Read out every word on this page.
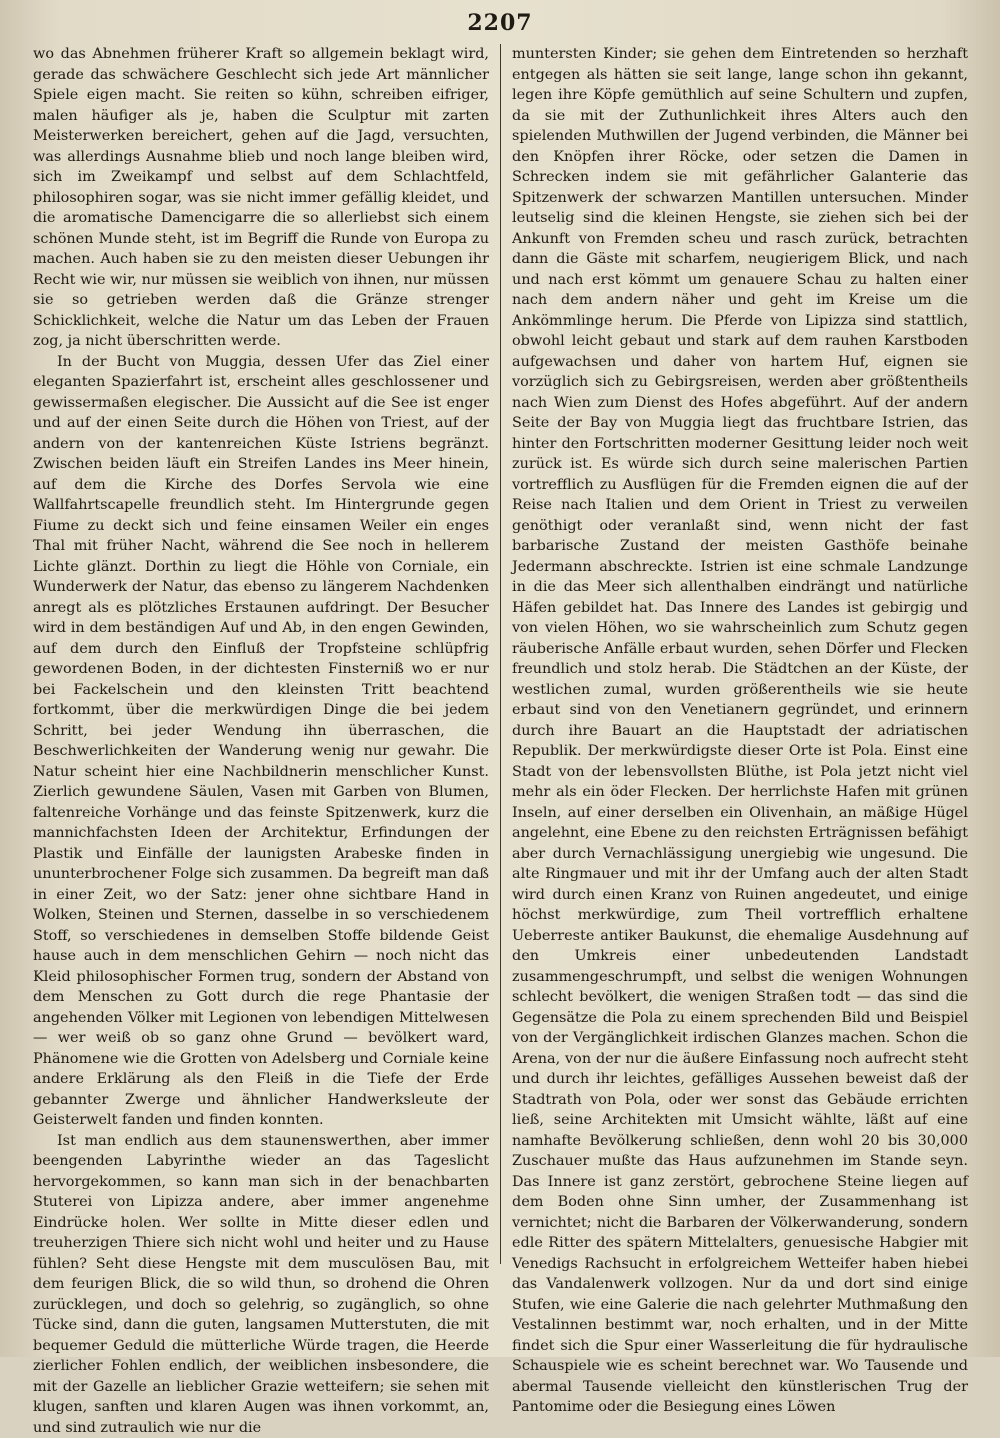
2207

wo das Abnehmen früherer Kraft so allgemein beklagt wird, gerade das schwächere Geschlecht sich jede Art männlicher Spiele eigen macht. Sie reiten so kühn, schreiben eifriger, malen häufiger als je, haben die Sculptur mit zarten Meisterwerken bereichert, gehen auf die Jagd, versuchten, was allerdings Ausnahme blieb und noch lange bleiben wird, sich im Zweikampf und selbst auf dem Schlachtfeld, philosophiren sogar, was sie nicht immer gefällig kleidet, und die aromatische Damencigarre die so allerliebst sich einem schönen Munde steht, ist im Begriff die Runde von Europa zu machen. Auch haben sie zu den meisten dieser Uebungen ihr Recht wie wir, nur müssen sie weiblich von ihnen, nur müssen sie so getrieben werden daß die Gränze strenger Schicklichkeit, welche die Natur um das Leben der Frauen zog, ja nicht überschritten werde.

In der Bucht von Muggia, dessen Ufer das Ziel einer eleganten Spazierfahrt ist, erscheint alles geschlossener und gewissermaßen elegischer. Die Aussicht auf die See ist enger und auf der einen Seite durch die Höhen von Triest, auf der andern von der kantenreichen Küste Istriens begränzt. Zwischen beiden läuft ein Streifen Landes ins Meer hinein, auf dem die Kirche des Dorfes Servola wie eine Wallfahrtscapelle freundlich steht. Im Hintergrunde gegen Fiume zu deckt sich und feine einsamen Weiler ein enges Thal mit früher Nacht, während die See noch in hellerem Lichte glänzt. Dorthin zu liegt die Höhle von Corniale, ein Wunderwerk der Natur, das ebenso zu längerem Nachdenken anregt als es plötzliches Erstaunen aufdringt. Der Besucher wird in dem beständigen Auf und Ab, in den engen Gewinden, auf dem durch den Einfluß der Tropfsteine schlüpfrig gewordenen Boden, in der dichtesten Finsterniß wo er nur bei Fackelschein und den kleinsten Tritt beachtend fortkommt, über die merkwürdigen Dinge die bei jedem Schritt, bei jeder Wendung ihn überraschen, die Beschwerlichkeiten der Wanderung wenig nur gewahr. Die Natur scheint hier eine Nachbildnerin menschlicher Kunst. Zierlich gewundene Säulen, Vasen mit Garben von Blumen, faltenreiche Vorhänge und das feinste Spitzenwerk, kurz die mannichfachsten Ideen der Architektur, Erfindungen der Plastik und Einfälle der launigsten Arabeske finden in ununterbrochener Folge sich zusammen. Da begreift man daß in einer Zeit, wo der Satz: jener ohne sichtbare Hand in Wolken, Steinen und Sternen, dasselbe in so verschiedenem Stoff, so verschiedenes in demselben Stoffe bildende Geist hause auch in dem menschlichen Gehirn — noch nicht das Kleid philosophischer Formen trug, sondern der Abstand von dem Menschen zu Gott durch die rege Phantasie der angehenden Völker mit Legionen von lebendigen Mittelwesen — wer weiß ob so ganz ohne Grund — bevölkert ward, Phänomene wie die Grotten von Adelsberg und Corniale keine andere Erklärung als den Fleiß in die Tiefe der Erde gebannter Zwerge und ähnlicher Handwerksleute der Geisterwelt fanden und finden konnten.

Ist man endlich aus dem staunenswerthen, aber immer beengenden Labyrinthe wieder an das Tageslicht hervorgekommen, so kann man sich in der benachbarten Stuterei von Lipizza andere, aber immer angenehme Eindrücke holen. Wer sollte in Mitte dieser edlen und treuherzigen Thiere sich nicht wohl und heiter und zu Hause fühlen? Seht diese Hengste mit dem musculösen Bau, mit dem feurigen Blick, die so wild thun, so drohend die Ohren zurücklegen, und doch so gelehrig, so zugänglich, so ohne Tücke sind, dann die guten, langsamen Mutterstuten, die mit bequemer Geduld die mütterliche Würde tragen, die Heerde zierlicher Fohlen endlich, der weiblichen insbesondere, die mit der Gazelle an lieblicher Grazie wetteifern; sie sehen mit klugen, sanften und klaren Augen was ihnen vorkommt, an, und sind zutraulich wie nur die

muntersten Kinder; sie gehen dem Eintretenden so herzhaft entgegen als hätten sie seit lange, lange schon ihn gekannt, legen ihre Köpfe gemüthlich auf seine Schultern und zupfen, da sie mit der Zuthunlichkeit ihres Alters auch den spielenden Muthwillen der Jugend verbinden, die Männer bei den Knöpfen ihrer Röcke, oder setzen die Damen in Schrecken indem sie mit gefährlicher Galanterie das Spitzenwerk der schwarzen Mantillen untersuchen. Minder leutselig sind die kleinen Hengste, sie ziehen sich bei der Ankunft von Fremden scheu und rasch zurück, betrachten dann die Gäste mit scharfem, neugierigem Blick, und nach und nach erst kömmt um genauere Schau zu halten einer nach dem andern näher und geht im Kreise um die Ankömmlinge herum. Die Pferde von Lipizza sind stattlich, obwohl leicht gebaut und stark auf dem rauhen Karstboden aufgewachsen und daher von hartem Huf, eignen sie vorzüglich sich zu Gebirgsreisen, werden aber größtentheils nach Wien zum Dienst des Hofes abgeführt. Auf der andern Seite der Bay von Muggia liegt das fruchtbare Istrien, das hinter den Fortschritten moderner Gesittung leider noch weit zurück ist. Es würde sich durch seine malerischen Partien vortrefflich zu Ausflügen für die Fremden eignen die auf der Reise nach Italien und dem Orient in Triest zu verweilen genöthigt oder veranlaßt sind, wenn nicht der fast barbarische Zustand der meisten Gasthöfe beinahe Jedermann abschreckte. Istrien ist eine schmale Landzunge in die das Meer sich allenthalben eindrängt und natürliche Häfen gebildet hat. Das Innere des Landes ist gebirgig und von vielen Höhen, wo sie wahrscheinlich zum Schutz gegen räuberische Anfälle erbaut wurden, sehen Dörfer und Flecken freundlich und stolz herab. Die Städtchen an der Küste, der westlichen zumal, wurden größerentheils wie sie heute erbaut sind von den Venetianern gegründet, und erinnern durch ihre Bauart an die Hauptstadt der adriatischen Republik. Der merkwürdigste dieser Orte ist Pola. Einst eine Stadt von der lebensvollsten Blüthe, ist Pola jetzt nicht viel mehr als ein öder Flecken. Der herrlichste Hafen mit grünen Inseln, auf einer derselben ein Olivenhain, an mäßige Hügel angelehnt, eine Ebene zu den reichsten Erträgnissen befähigt aber durch Vernachlässigung unergiebig wie ungesund. Die alte Ringmauer und mit ihr der Umfang auch der alten Stadt wird durch einen Kranz von Ruinen angedeutet, und einige höchst merkwürdige, zum Theil vortrefflich erhaltene Ueberreste antiker Baukunst, die ehemalige Ausdehnung auf den Umkreis einer unbedeutenden Landstadt zusammengeschrumpft, und selbst die wenigen Wohnungen schlecht bevölkert, die wenigen Straßen todt — das sind die Gegensätze die Pola zu einem sprechenden Bild und Beispiel von der Vergänglichkeit irdischen Glanzes machen. Schon die Arena, von der nur die äußere Einfassung noch aufrecht steht und durch ihr leichtes, gefälliges Aussehen beweist daß der Stadtrath von Pola, oder wer sonst das Gebäude errichten ließ, seine Architekten mit Umsicht wählte, läßt auf eine namhafte Bevölkerung schließen, denn wohl 20 bis 30,000 Zuschauer mußte das Haus aufzunehmen im Stande seyn. Das Innere ist ganz zerstört, gebrochene Steine liegen auf dem Boden ohne Sinn umher, der Zusammenhang ist vernichtet; nicht die Barbaren der Völkerwanderung, sondern edle Ritter des spätern Mittelalters, genuesische Habgier mit Venedigs Rachsucht in erfolgreichem Wetteifer haben hiebei das Vandalenwerk vollzogen. Nur da und dort sind einige Stufen, wie eine Galerie die nach gelehrter Muthmaßung den Vestalinnen bestimmt war, noch erhalten, und in der Mitte findet sich die Spur einer Wasserleitung die für hydraulische Schauspiele wie es scheint berechnet war. Wo Tausende und abermal Tausende vielleicht den künstlerischen Trug der Pantomime oder die Besiegung eines Löwen
